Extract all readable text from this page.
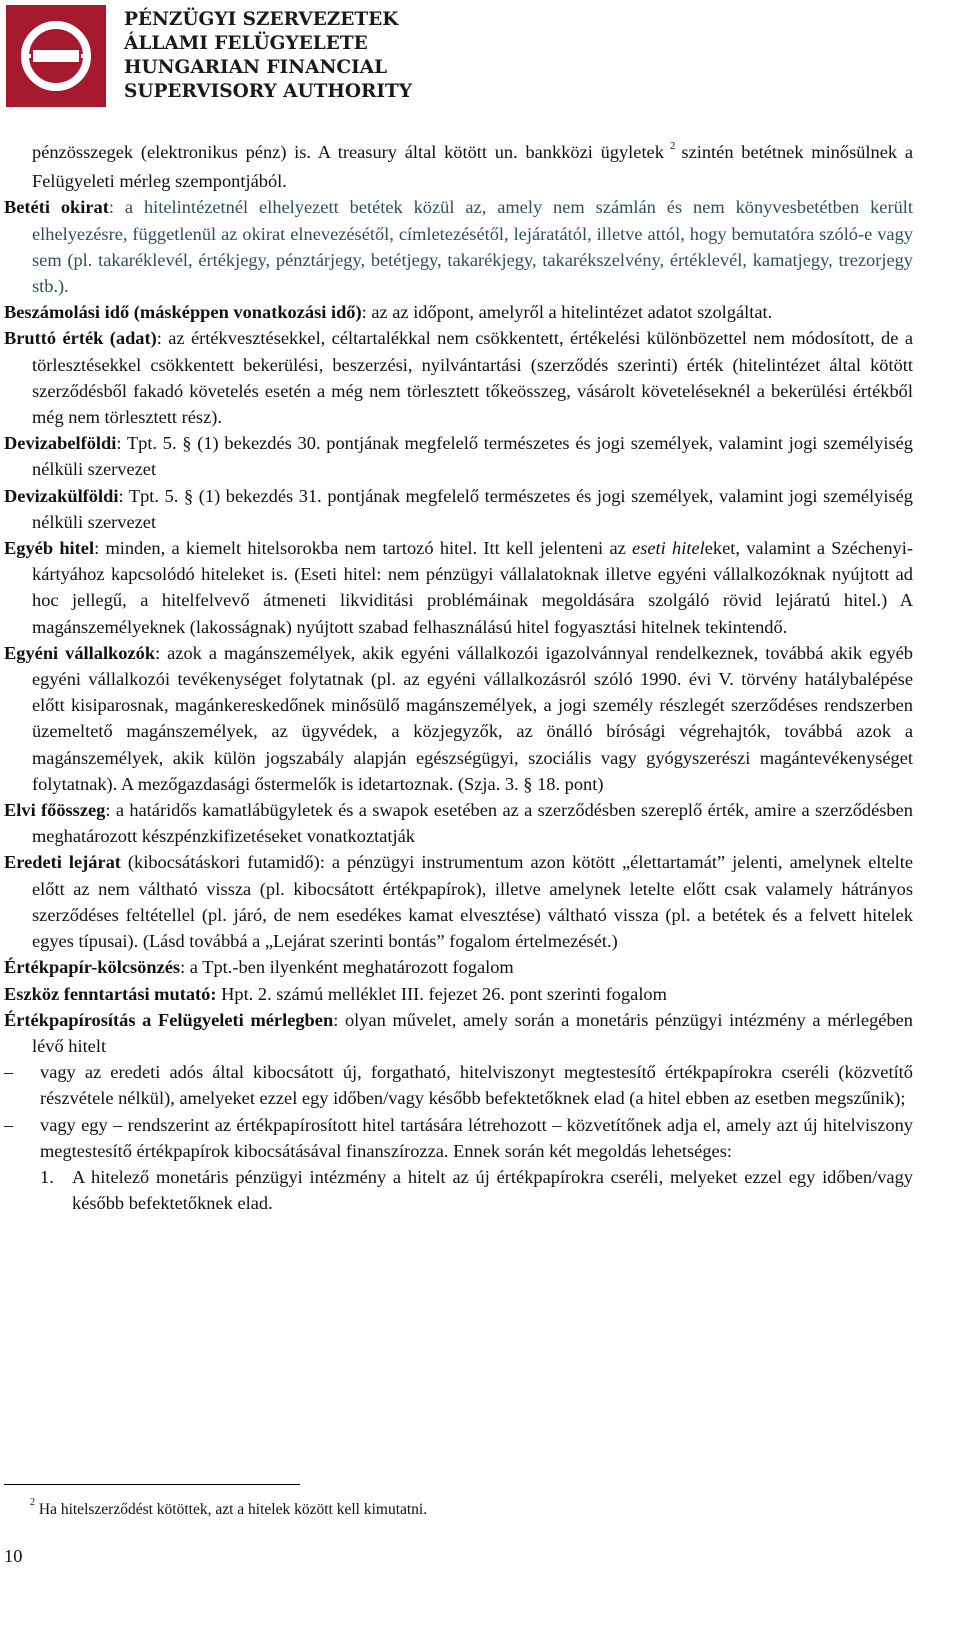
PÉNZÜGYI SZERVEZETEK
ÁLLAMI FELÜGYELETE
HUNGARIAN FINANCIAL
SUPERVISORY AUTHORITY

pénzösszegek (elektronikus pénz) is. A treasury által kötött un. bankközi ügyletek $^2$ szintén betétnek minősülnek a Felügyeleti mérleg szempontjából.

Betéti okirat: a hitelintézetnél elhelyezett betétek közül az, amely nem számlán és nem könyvesbetétben került elhelyezésre, függetlenül az okirat elnevezésétől, címletezésétől, lejáratától, illetve attól, hogy bemutatóra szóló-e vagy sem (pl. takaréklevél, értékjegy, pénztárjegy, betétjegy, takarékjegy, takarékszelvény, értéklevél, kamatjegy, trezorjegy stb.).

Beszámolási idő (másképpen vonatkozási idő): az az időpont, amelyről a hitelintézet adatot szolgáltat.

Bruttó érték (adat): az értékvesztésekkel, céltartalékkal nem csökkentett, értékelési különbözettel nem módosított, de a törlesztésekkel csökkentett bekerülési, beszerzési, nyilvántartási (szerződés szerinti) érték (hitelintézet által kötött szerződésből fakadó követelés esetén a még nem törlesztett tőkeösszeg, vásárolt követeléseknél a bekerülési értékből még nem törlesztett rész).

Devizabelföldi: Tpt. 5. § (1) bekezdés 30. pontjának megfelelő természetes és jogi személyek, valamint jogi személyiség nélküli szervezet

Devizakülföldi: Tpt. 5. § (1) bekezdés 31. pontjának megfelelő természetes és jogi személyek, valamint jogi személyiség nélküli szervezet

Egyéb hitel: minden, a kiemelt hitelsorokba nem tartozó hitel. Itt kell jelenteni az eseti hiteleket, valamint a Széchenyi-kártyához kapcsolódó hiteleket is. (Eseti hitel: nem pénzügyi vállalatoknak illetve egyéni vállalkozóknak nyújtott ad hoc jellegű, a hitelfelvevő átmeneti likviditási problémáinak megoldására szolgáló rövid lejáratú hitel.) A magánszemélyeknek (lakosságnak) nyújtott szabad felhasználású hitel fogyasztási hitelnek tekintendő.

Egyéni vállalkozók: azok a magánszemélyek, akik egyéni vállalkozói igazolvánnyal rendelkeznek, továbbá akik egyéb egyéni vállalkozói tevékenységet folytatnak (pl. az egyéni vállalkozásról szóló 1990. évi V. törvény hatálybalépése előtt kisiparosnak, magánkereskedőnek minősülő magánszemélyek, a jogi személy részlegét szerződéses rendszerben üzemeltető magánszemélyek, az ügyvédek, a közjegyzők, az önálló bírósági végrehajtók, továbbá azok a magánszemélyek, akik külön jogszabály alapján egészségügyi, szociális vagy gyógyszerészi magántevékenységet folytatnak). A mezőgazdasági őstermelők is idetartoznak. (Szja. 3. § 18. pont)

Elvi főösszeg: a határidős kamatlábügyletek és a swapok esetében az a szerződésben szereplő érték, amire a szerződésben meghatározott készpénzkifizetéseket vonatkoztatják

Eredeti lejárat (kibocsátáskori futamidő): a pénzügyi instrumentum azon kötött „élettartamát” jelenti, amelynek eltelte előtt az nem váltható vissza (pl. kibocsátott értékpapírok), illetve amelynek letelte előtt csak valamely hátrányos szerződéses feltétellel (pl. járó, de nem esedékes kamat elvesztése) váltható vissza (pl. a betétek és a felvett hitelek egyes típusai). (Lásd továbbá a „Lejárat szerinti bontás” fogalom értelmezését.)

Értékpapír-kölcsönzés: a Tpt.-ben ilyenként meghatározott fogalom

Eszköz fenntartási mutató: Hpt. 2. számú melléklet III. fejezet 26. pont szerinti fogalom

Értékpapírosítás a Felügyeleti mérlegben: olyan művelet, amely során a monetáris pénzügyi intézmény a mérlegében lévő hitelt

– vagy az eredeti adós által kibocsátott új, forgatható, hitelviszonyt megtestesítő értékpapírokra cseréli (közvetítő részvétele nélkül), amelyeket ezzel egy időben/vagy később befektetőknek elad (a hitel ebben az esetben megszűnik);

– vagy egy – rendszerint az értékpapírosított hitel tartására létrehozott – közvetítőnek adja el, amely azt új hitelviszony megtestesítő értékpapírok kibocsátásával finanszírozza. Ennek során két megoldás lehetséges:

1. A hitelező monetáris pénzügyi intézmény a hitelt az új értékpapírokra cseréli, melyeket ezzel egy időben/vagy később befektetőknek elad.

$^2$ Ha hitelszerződést kötöttek, azt a hitelek között kell kimutatni.
10
